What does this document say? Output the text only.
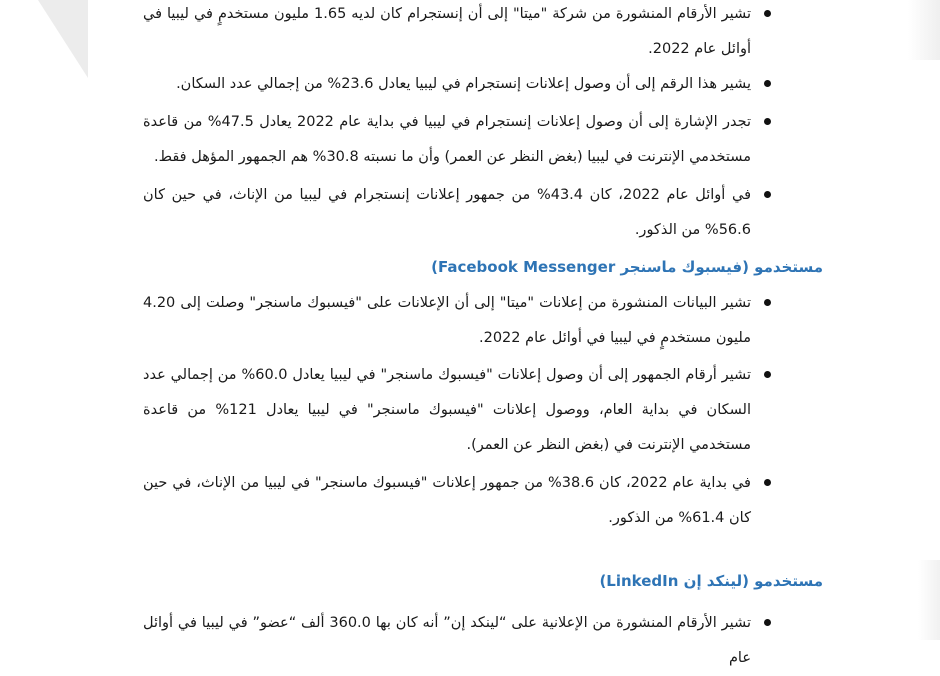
تشير الأرقام المنشورة من شركة "ميتا" إلى أن إنستجرام كان لديه 1.65 مليون مستخدمٍ في ليبيا في أوائل عام 2022.
يشير هذا الرقم إلى أن وصول إعلانات إنستجرام في ليبيا يعادل 23.6% من إجمالي عدد السكان.
تجدر الإشارة إلى أن وصول إعلانات إنستجرام في ليبيا في بداية عام 2022 يعادل 47.5% من قاعدة مستخدمي الإنترنت في ليبيا (بغض النظر عن العمر) وأن ما نسبته 30.8% هم الجمهور المؤهل فقط.
في أوائل عام 2022، كان 43.4% من جمهور إعلانات إنستجرام في ليبيا من الإناث، في حين كان 56.6% من الذكور.
مستخدمو (فيسبوك ماسنجر Facebook Messenger)
تشير البيانات المنشورة من إعلانات "ميتا" إلى أن الإعلانات على "فيسبوك ماسنجر" وصلت إلى 4.20 مليون مستخدمٍ في ليبيا في أوائل عام 2022.
تشير أرقام الجمهور إلى أن وصول إعلانات "فيسبوك ماسنجر" في ليبيا يعادل 60.0% من إجمالي عدد السكان في بداية العام، ووصول إعلانات "فيسبوك ماسنجر" في ليبيا يعادل 121% من قاعدة مستخدمي الإنترنت في (بغض النظر عن العمر).
في بداية عام 2022، كان 38.6% من جمهور إعلانات "فيسبوك ماسنجر" في ليبيا من الإناث، في حين كان 61.4% من الذكور.
مستخدمو (لينكد إن LinkedIn)
تشير الأرقام المنشورة من الإعلانية على “لينكد إن” أنه كان بها 360.0 ألف “عضو” في ليبيا في أوائل عام
